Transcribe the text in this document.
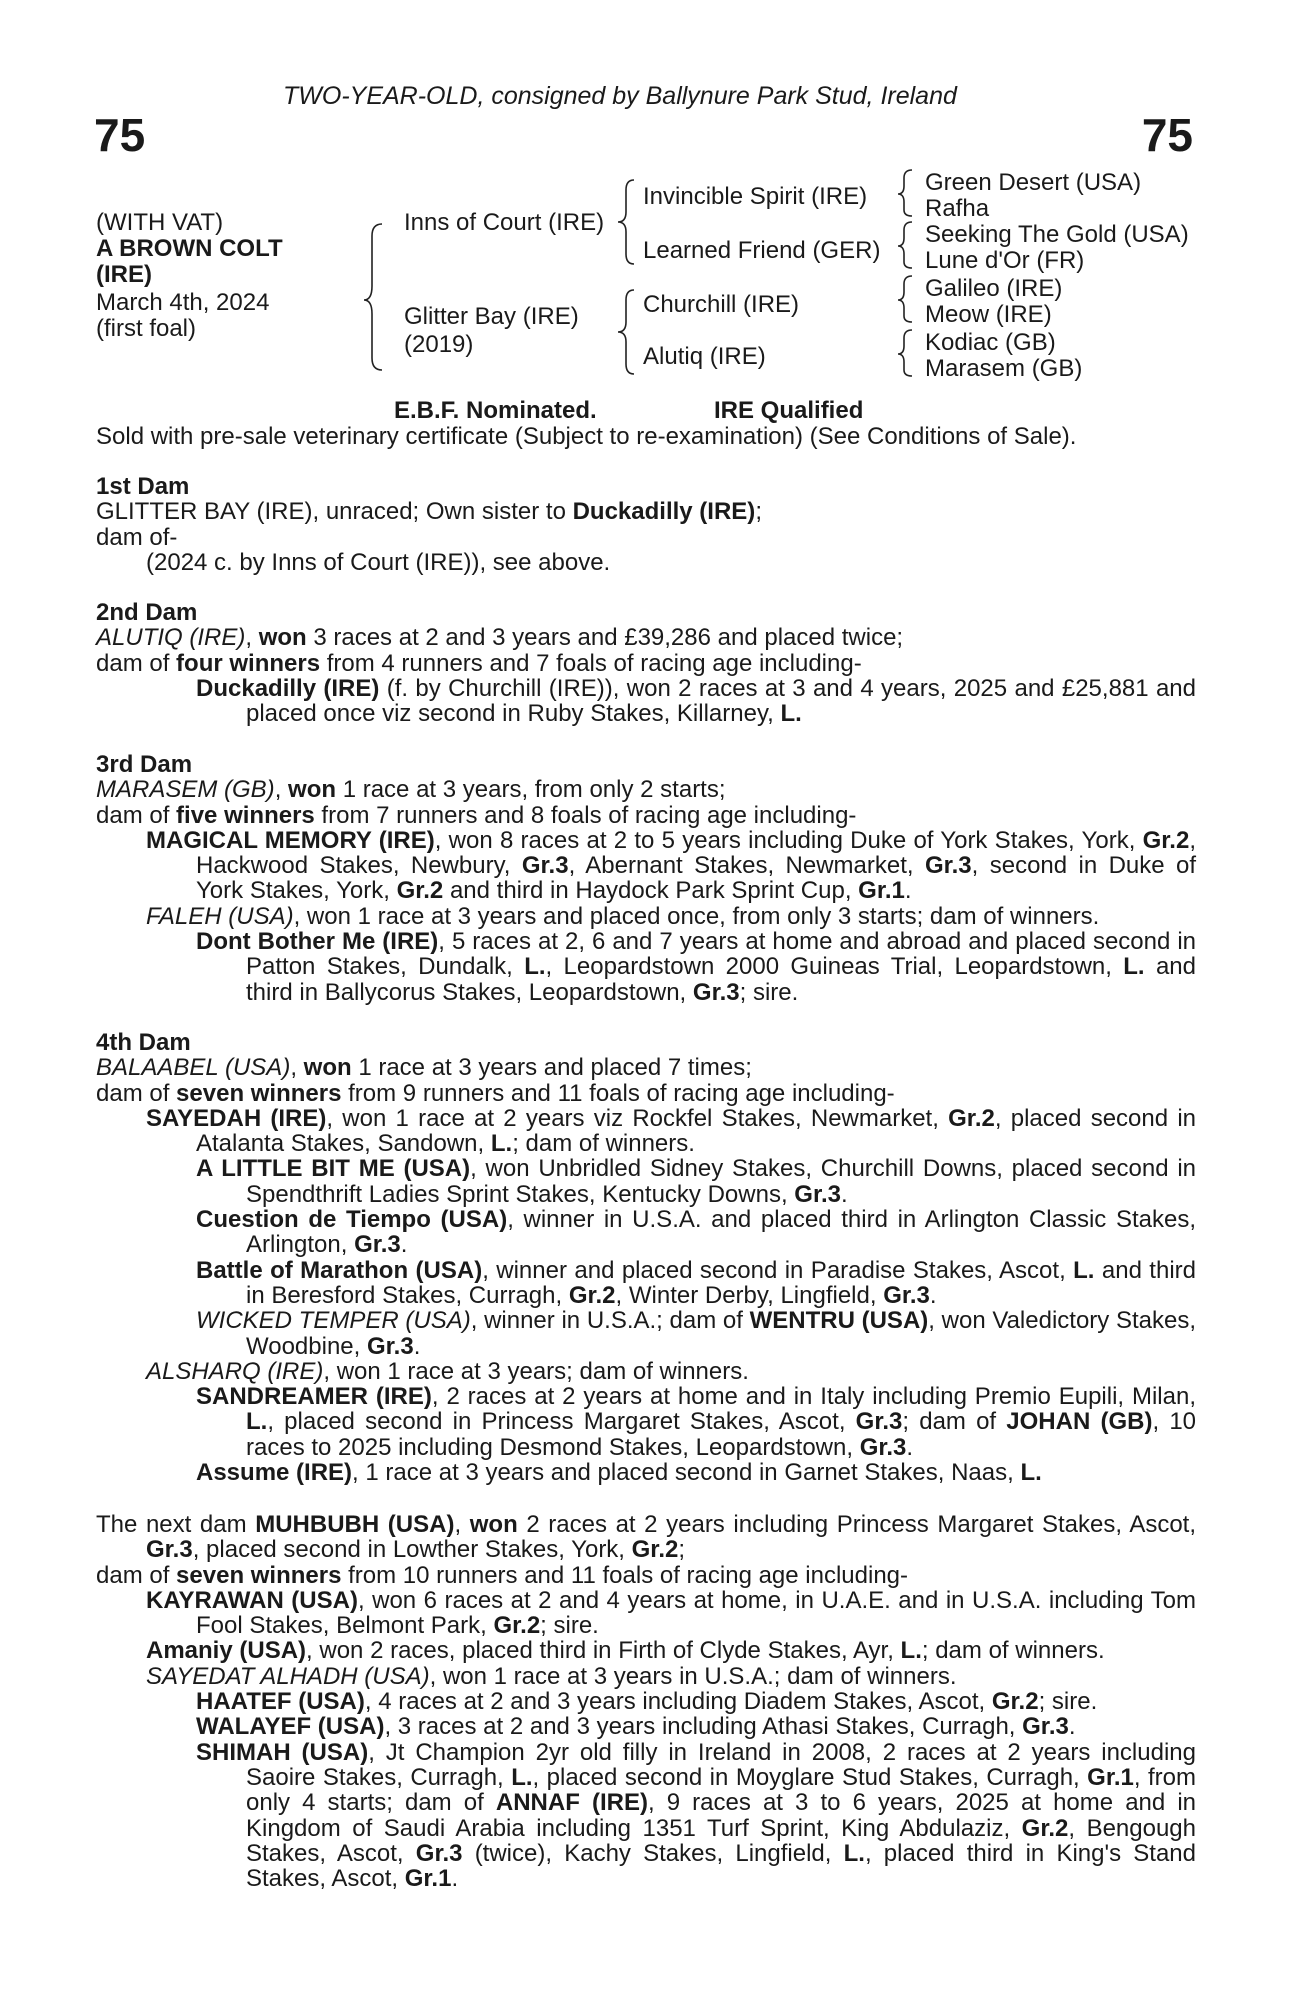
TWO-YEAR-OLD, consigned by Ballynure Park Stud, Ireland
75	75
(WITH VAT)
A BROWN COLT
(IRE)
March 4th, 2024
(first foal)
Inns of Court (IRE)
Glitter Bay (IRE)
(2019)
Invincible Spirit (IRE)
Learned Friend (GER)
Churchill (IRE)
Alutiq (IRE)
Green Desert (USA)
Rafha
Seeking The Gold (USA)
Lune d'Or (FR)
Galileo (IRE)
Meow (IRE)
Kodiac (GB)
Marasem (GB)
E.B.F. Nominated.	IRE Qualified
Sold with pre-sale veterinary certificate (Subject to re-examination) (See Conditions of Sale).

1st Dam

GLITTER BAY (IRE), unraced; Own sister to Duckadilly (IRE);

dam of-

(2024 c. by Inns of Court (IRE)), see above.

2nd Dam

ALUTIQ (IRE), won 3 races at 2 and 3 years and £39,286 and placed twice;

dam of four winners from 4 runners and 7 foals of racing age including-

Duckadilly (IRE) (f. by Churchill (IRE)), won 2 races at 3 and 4 years, 2025 and £25,881 and placed once viz second in Ruby Stakes, Killarney, L.

3rd Dam

MARASEM (GB), won 1 race at 3 years, from only 2 starts;

dam of five winners from 7 runners and 8 foals of racing age including-

MAGICAL MEMORY (IRE), won 8 races at 2 to 5 years including Duke of York Stakes, York, Gr.2, Hackwood Stakes, Newbury, Gr.3, Abernant Stakes, Newmarket, Gr.3, second in Duke of York Stakes, York, Gr.2 and third in Haydock Park Sprint Cup, Gr.1.

FALEH (USA), won 1 race at 3 years and placed once, from only 3 starts; dam of winners.

Dont Bother Me (IRE), 5 races at 2, 6 and 7 years at home and abroad and placed second in Patton Stakes, Dundalk, L., Leopardstown 2000 Guineas Trial, Leopardstown, L. and third in Ballycorus Stakes, Leopardstown, Gr.3; sire.

4th Dam

BALAABEL (USA), won 1 race at 3 years and placed 7 times;

dam of seven winners from 9 runners and 11 foals of racing age including-

SAYEDAH (IRE), won 1 race at 2 years viz Rockfel Stakes, Newmarket, Gr.2, placed second in Atalanta Stakes, Sandown, L.; dam of winners.

A LITTLE BIT ME (USA), won Unbridled Sidney Stakes, Churchill Downs, placed second in Spendthrift Ladies Sprint Stakes, Kentucky Downs, Gr.3.

Cuestion de Tiempo (USA), winner in U.S.A. and placed third in Arlington Classic Stakes, Arlington, Gr.3.

Battle of Marathon (USA), winner and placed second in Paradise Stakes, Ascot, L. and third in Beresford Stakes, Curragh, Gr.2, Winter Derby, Lingfield, Gr.3.

WICKED TEMPER (USA), winner in U.S.A.; dam of WENTRU (USA), won Valedictory Stakes, Woodbine, Gr.3.

ALSHARQ (IRE), won 1 race at 3 years; dam of winners.

SANDREAMER (IRE), 2 races at 2 years at home and in Italy including Premio Eupili, Milan, L., placed second in Princess Margaret Stakes, Ascot, Gr.3; dam of JOHAN (GB), 10 races to 2025 including Desmond Stakes, Leopardstown, Gr.3.

Assume (IRE), 1 race at 3 years and placed second in Garnet Stakes, Naas, L.

The next dam MUHBUBH (USA), won 2 races at 2 years including Princess Margaret Stakes, Ascot, Gr.3, placed second in Lowther Stakes, York, Gr.2;

dam of seven winners from 10 runners and 11 foals of racing age including-

KAYRAWAN (USA), won 6 races at 2 and 4 years at home, in U.A.E. and in U.S.A. including Tom Fool Stakes, Belmont Park, Gr.2; sire.

Amaniy (USA), won 2 races, placed third in Firth of Clyde Stakes, Ayr, L.; dam of winners.

SAYEDAT ALHADH (USA), won 1 race at 3 years in U.S.A.; dam of winners.

HAATEF (USA), 4 races at 2 and 3 years including Diadem Stakes, Ascot, Gr.2; sire.

WALAYEF (USA), 3 races at 2 and 3 years including Athasi Stakes, Curragh, Gr.3.

SHIMAH (USA), Jt Champion 2yr old filly in Ireland in 2008, 2 races at 2 years including Saoire Stakes, Curragh, L., placed second in Moyglare Stud Stakes, Curragh, Gr.1, from only 4 starts; dam of ANNAF (IRE), 9 races at 3 to 6 years, 2025 at home and in Kingdom of Saudi Arabia including 1351 Turf Sprint, King Abdulaziz, Gr.2, Bengough Stakes, Ascot, Gr.3 (twice), Kachy Stakes, Lingfield, L., placed third in King's Stand Stakes, Ascot, Gr.1.
